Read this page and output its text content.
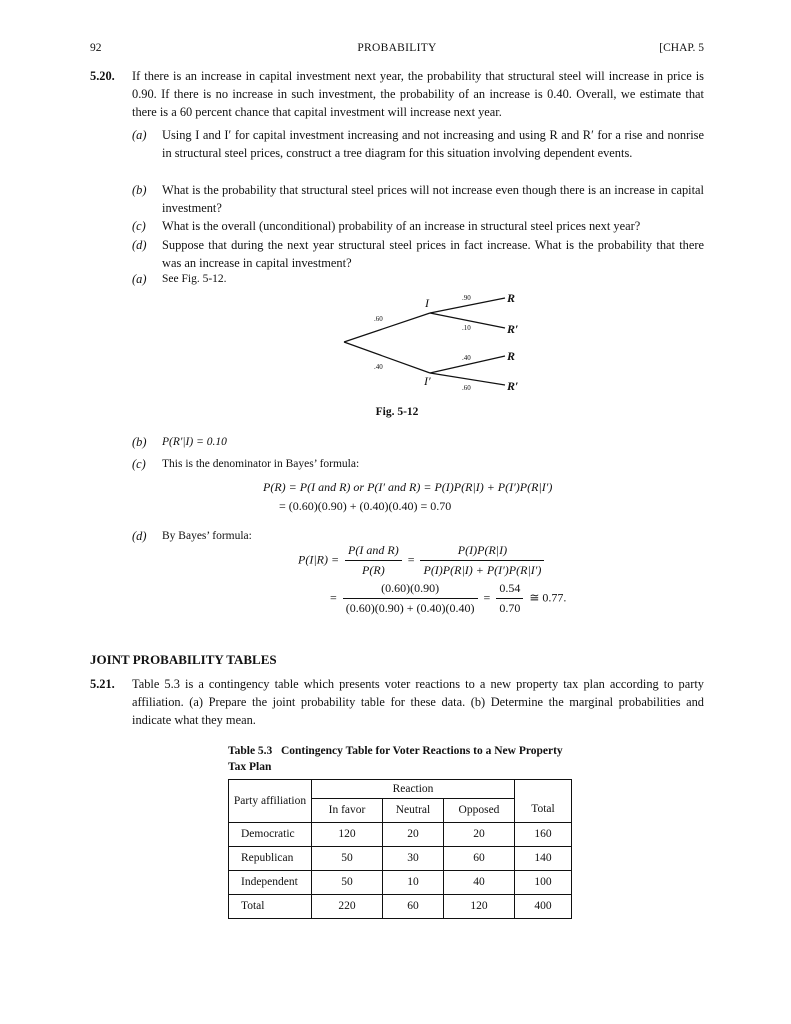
92	PROBABILITY	[CHAP. 5
5.20. If there is an increase in capital investment next year, the probability that structural steel will increase in price is 0.90. If there is no increase in such investment, the probability of an increase is 0.40. Overall, we estimate that there is a 60 percent chance that capital investment will increase next year.
(a) Using I and I′ for capital investment increasing and not increasing and using R and R′ for a rise and nonrise in structural steel prices, construct a tree diagram for this situation involving dependent events.
(b) What is the probability that structural steel prices will not increase even though there is an increase in capital investment?
(c) What is the overall (unconditional) probability of an increase in structural steel prices next year?
(d) Suppose that during the next year structural steel prices in fact increase. What is the probability that there was an increase in capital investment?
(a) See Fig. 5-12.
I
I′
.60
.40
.90
.10
.40
.60
R
R′
R
R′
Fig. 5-12
(b) P(R′|I) = 0.10
(c) This is the denominator in Bayes’ formula:
P(R) = P(I and R) or P(I′ and R) = P(I)P(R|I) + P(I′)P(R|I′)
= (0.60)(0.90) + (0.40)(0.40) = 0.70
(d) By Bayes’ formula:
$P(I|R) = \frac{\text{P(I and R)}}{P(R)} = \frac{P(I)P(R|I)}{P(I)P(R|I) + P(I')P(R|I')}$
= $\frac{(0.60)(0.90)}{(0.60)(0.90) + (0.40)(0.40)} = \frac{0.54}{0.70}$ ≅ 0.77.
JOINT PROBABILITY TABLES
5.21. Table 5.3 is a contingency table which presents voter reactions to a new property tax plan according to party affiliation. (a) Prepare the joint probability table for these data. (b) Determine the marginal probabilities and indicate what they mean.
Table 5.3 Contingency Table for Voter Reactions to a New Property Tax Plan
Party affiliation	Reaction			Total
	In favor	Neutral	Opposed	
Democratic	120	20	20	160
Republican	50	30	60	140
Independent	50	10	40	100
Total	220	60	120	400
